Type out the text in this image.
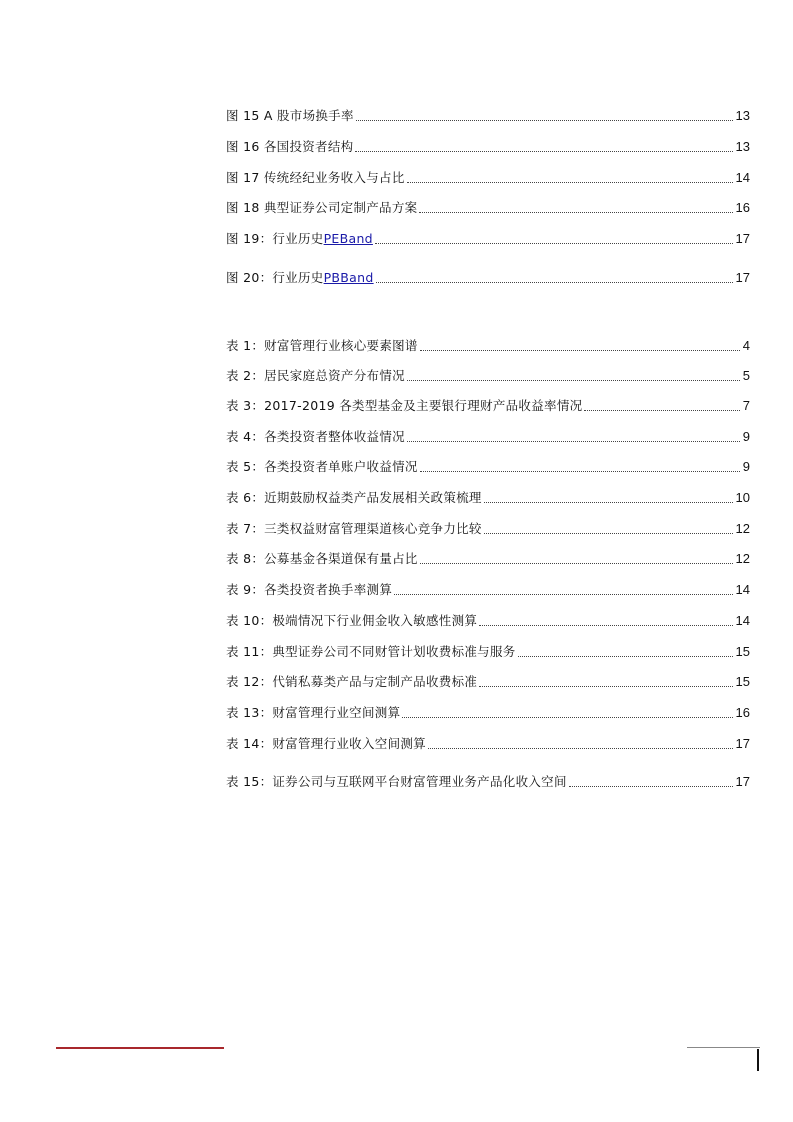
图 15 A 股市场换手率	13
图 16 各国投资者结构	13
图 17 传统经纪业务收入与占比	14
图 18 典型证券公司定制产品方案	16
图 19：行业历史PEBand	17
图 20：行业历史PBBand	17
表 1：财富管理行业核心要素图谱	4
表 2：居民家庭总资产分布情况	5
表 3：2017-2019 各类型基金及主要银行理财产品收益率情况	7
表 4：各类投资者整体收益情况	9
表 5：各类投资者单账户收益情况	9
表 6：近期鼓励权益类产品发展相关政策梳理	10
表 7：三类权益财富管理渠道核心竞争力比较	12
表 8：公募基金各渠道保有量占比	12
表 9：各类投资者换手率测算	14
表 10：极端情况下行业佣金收入敏感性测算	14
表 11：典型证券公司不同财管计划收费标准与服务	15
表 12：代销私募类产品与定制产品收费标准	15
表 13：财富管理行业空间测算	16
表 14：财富管理行业收入空间测算	17
表 15：证券公司与互联网平台财富管理业务产品化收入空间	17
